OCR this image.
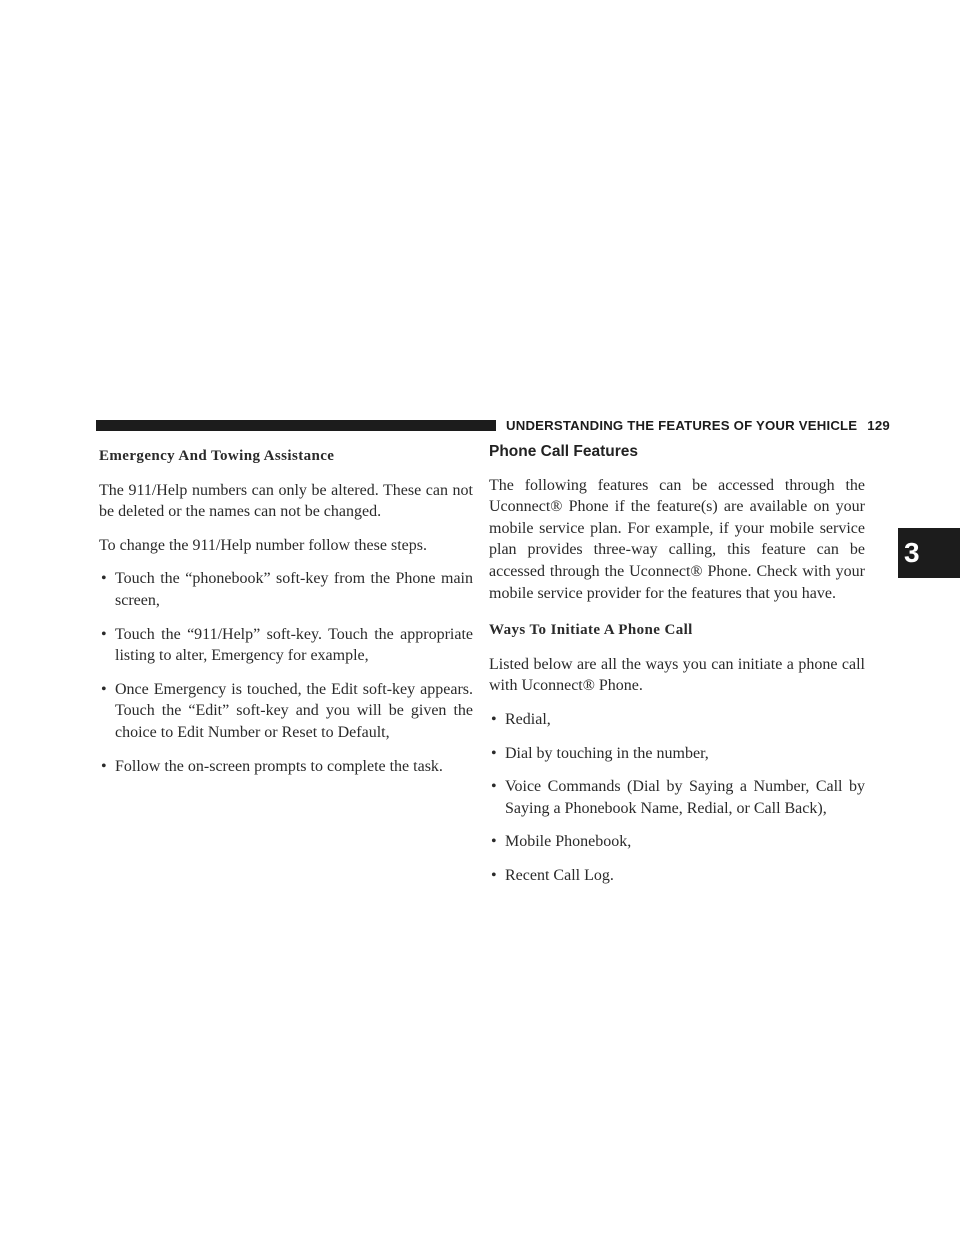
UNDERSTANDING THE FEATURES OF YOUR VEHICLE 129
3
Emergency And Towing Assistance

The 911/Help numbers can only be altered. These can not be deleted or the names can not be changed.

To change the 911/Help number follow these steps.

• Touch the “phonebook” soft-key from the Phone main screen,
• Touch the “911/Help” soft-key. Touch the appropriate listing to alter, Emergency for example,
• Once Emergency is touched, the Edit soft-key appears. Touch the “Edit” soft-key and you will be given the choice to Edit Number or Reset to Default,
• Follow the on-screen prompts to complete the task.
Phone Call Features

The following features can be accessed through the Uconnect® Phone if the feature(s) are available on your mobile service plan. For example, if your mobile service plan provides three-way calling, this feature can be accessed through the Uconnect® Phone. Check with your mobile service provider for the features that you have.

Ways To Initiate A Phone Call

Listed below are all the ways you can initiate a phone call with Uconnect® Phone.

• Redial,
• Dial by touching in the number,
• Voice Commands (Dial by Saying a Number, Call by Saying a Phonebook Name, Redial, or Call Back),
• Mobile Phonebook,
• Recent Call Log.
